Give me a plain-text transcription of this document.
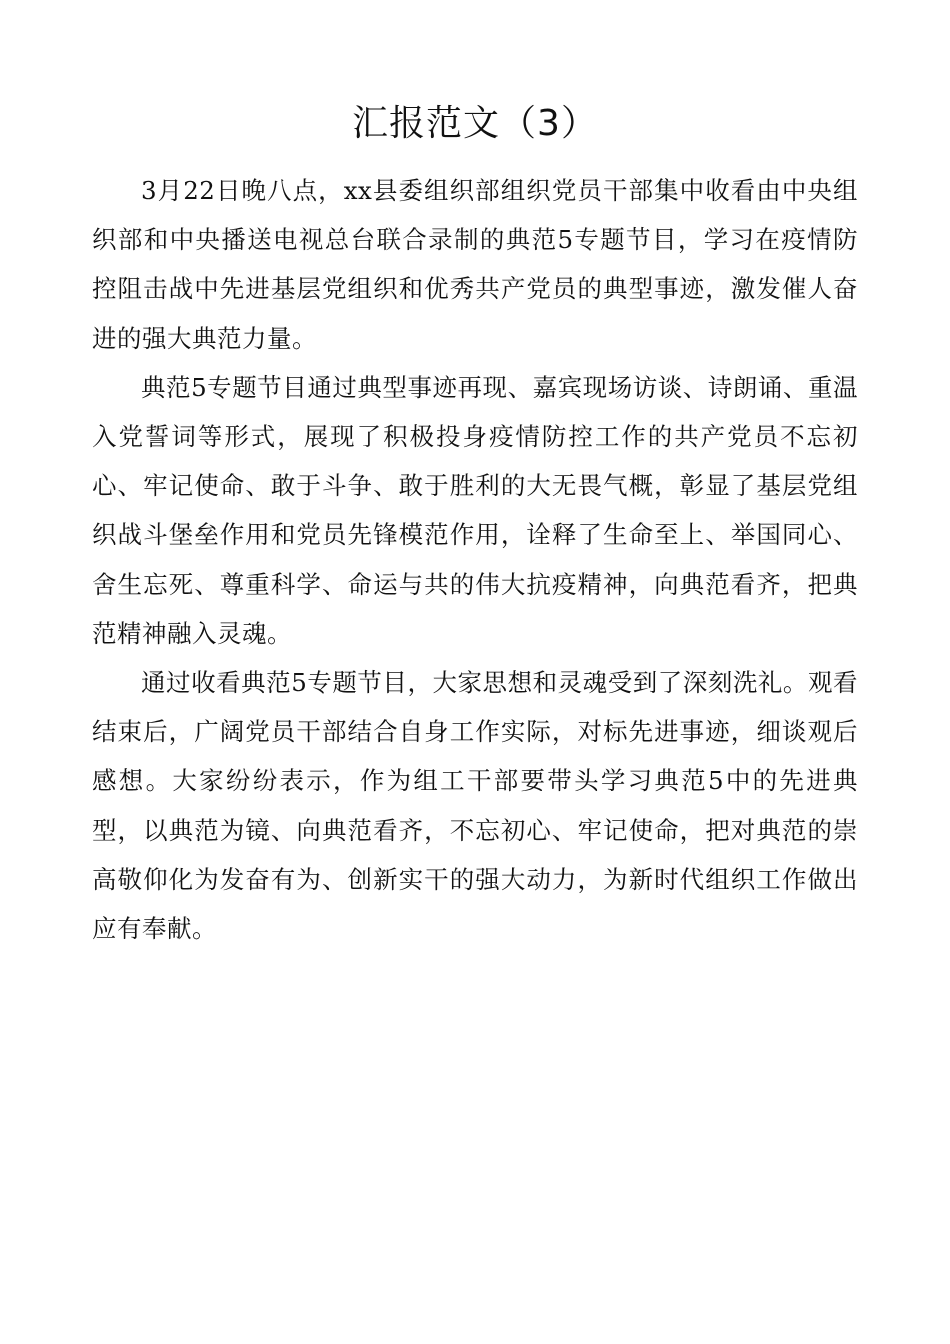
汇报范文（3）

3月22日晚八点，xx县委组织部组织党员干部集中收看由中央组织部和中央播送电视总台联合录制的典范5专题节目，学习在疫情防控阻击战中先进基层党组织和优秀共产党员的典型事迹，激发催人奋进的强大典范力量。

典范5专题节目通过典型事迹再现、嘉宾现场访谈、诗朗诵、重温入党誓词等形式，展现了积极投身疫情防控工作的共产党员不忘初心、牢记使命、敢于斗争、敢于胜利的大无畏气概，彰显了基层党组织战斗堡垒作用和党员先锋模范作用，诠释了生命至上、举国同心、舍生忘死、尊重科学、命运与共的伟大抗疫精神，向典范看齐，把典范精神融入灵魂。

通过收看典范5专题节目，大家思想和灵魂受到了深刻洗礼。观看结束后，广阔党员干部结合自身工作实际，对标先进事迹，细谈观后感想。大家纷纷表示，作为组工干部要带头学习典范5中的先进典型，以典范为镜、向典范看齐，不忘初心、牢记使命，把对典范的崇高敬仰化为发奋有为、创新实干的强大动力，为新时代组织工作做出应有奉献。
